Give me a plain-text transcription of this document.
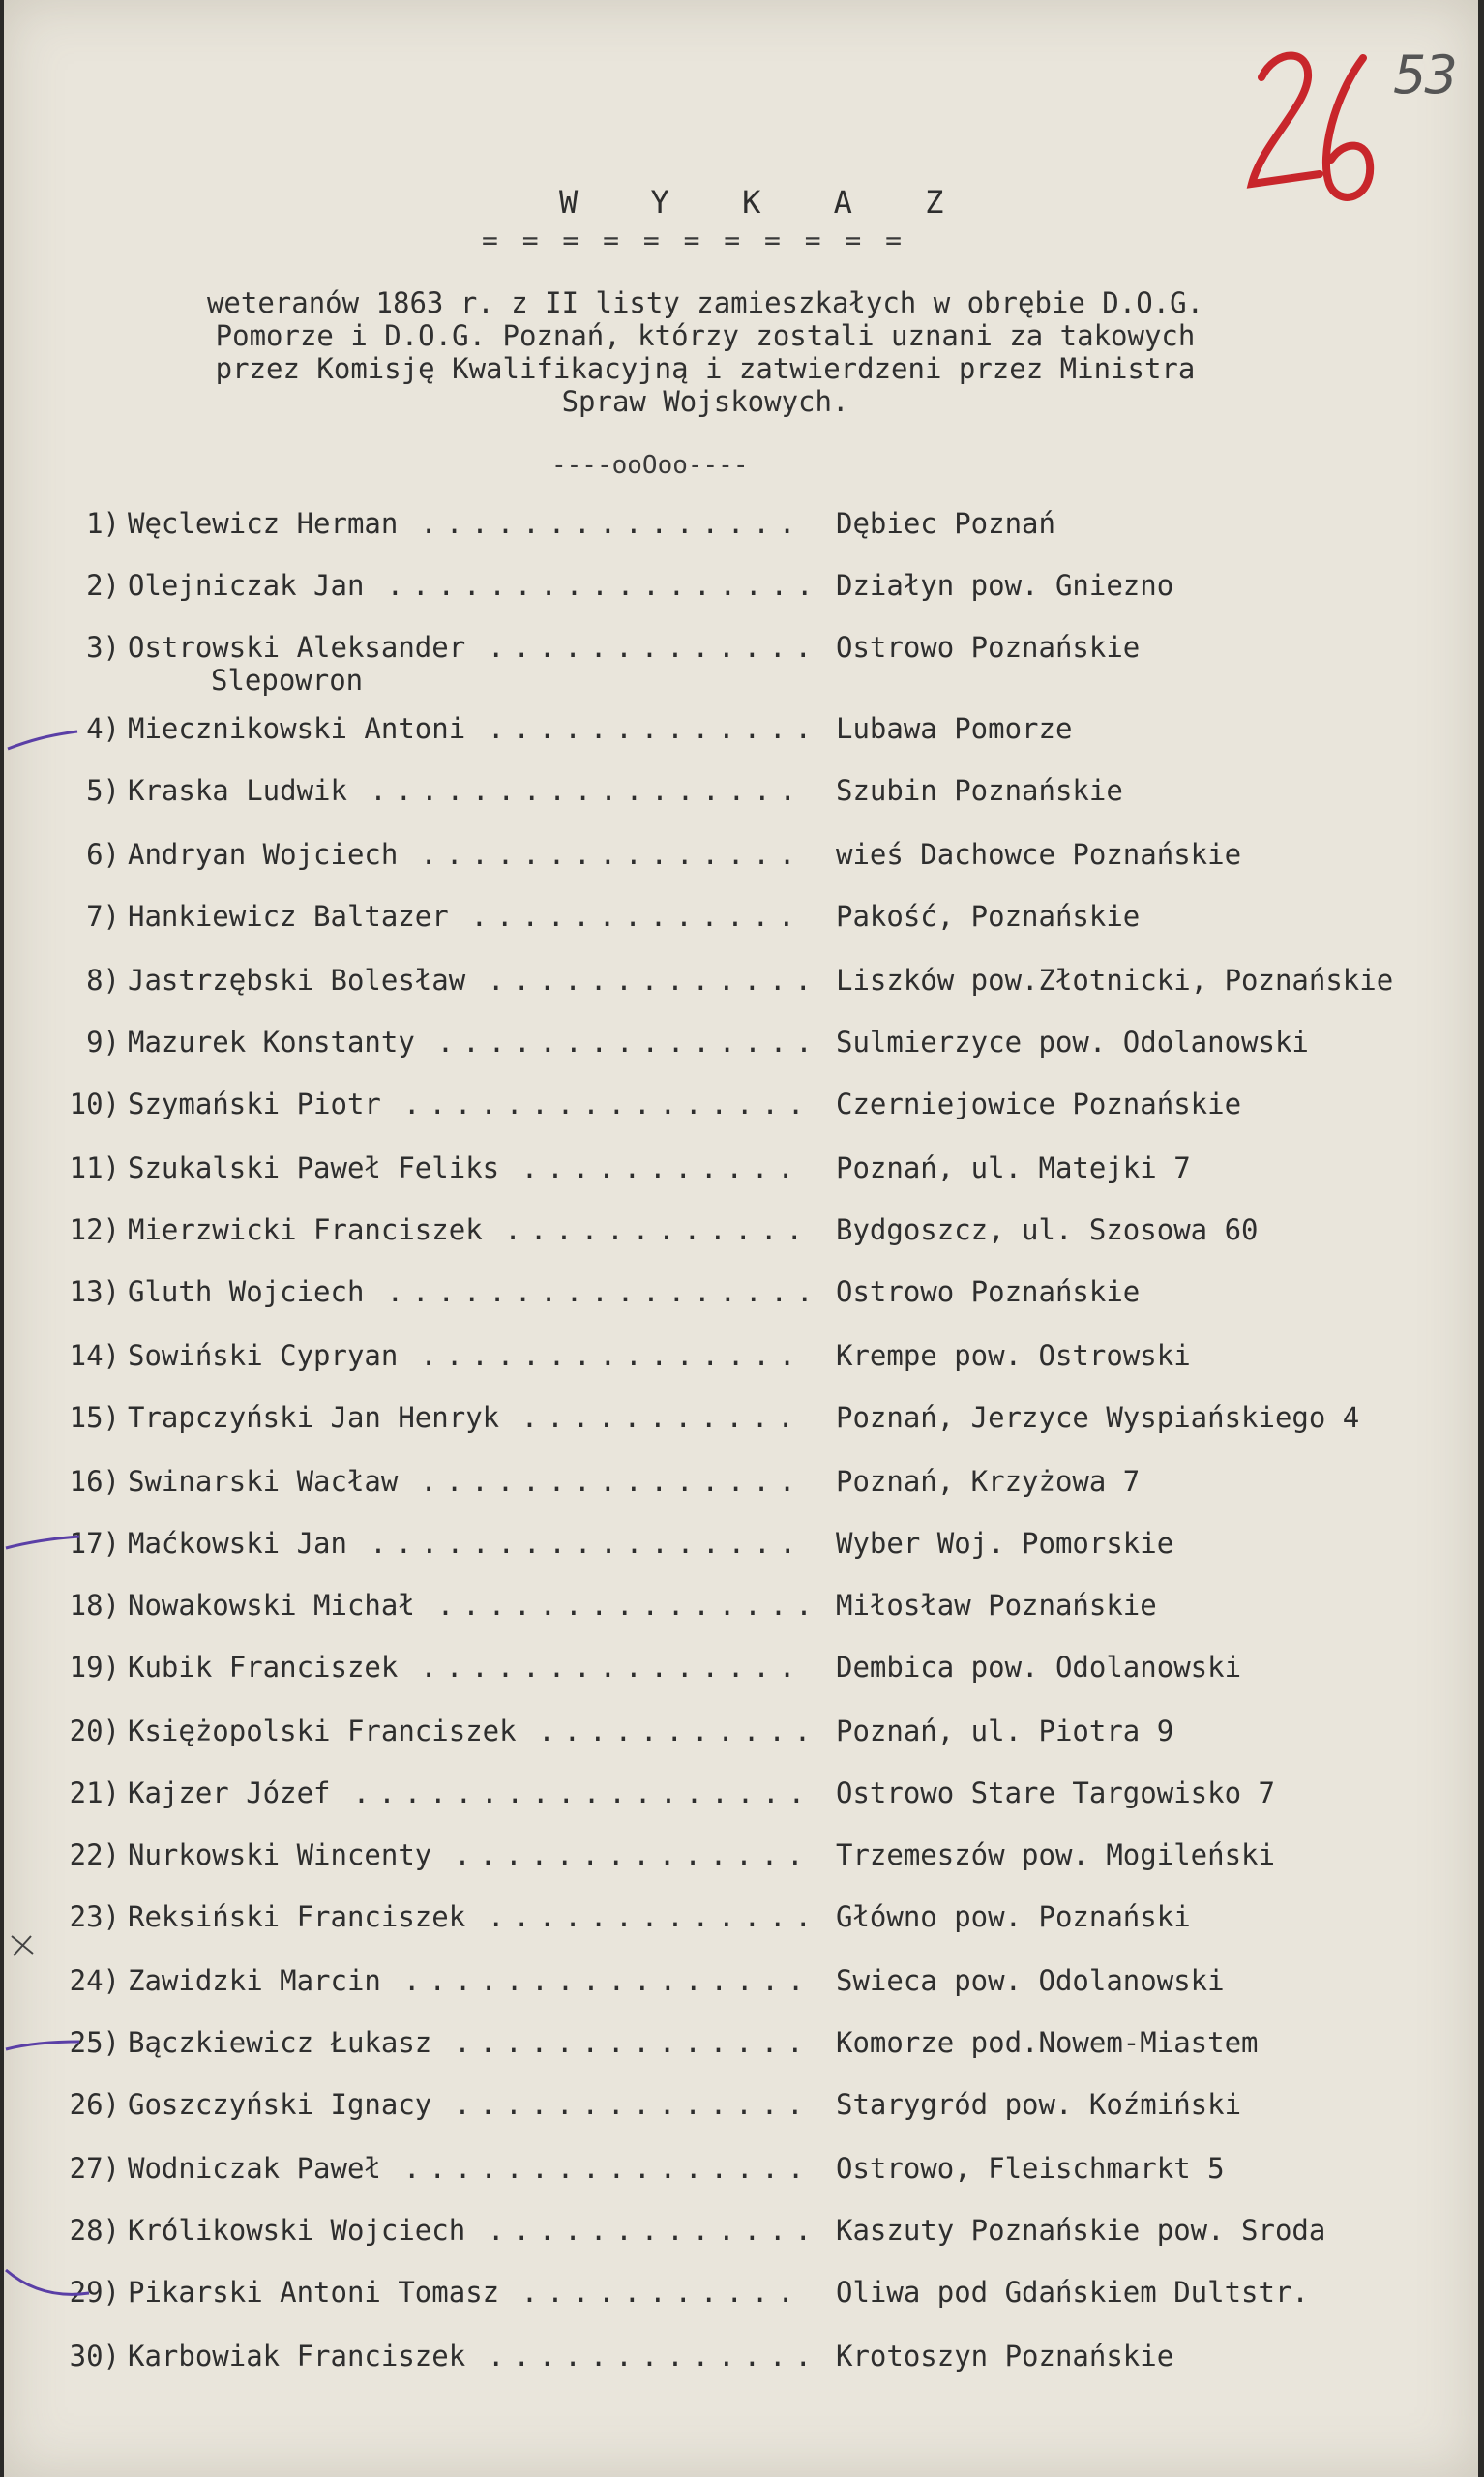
53
W Y K A Z
= = = = = = = = = = =
weteranów 1863 r. z II listy zamieszkałych w obrębie D.O.G.
Pomorze i D.O.G. Poznań, którzy zostali uznani za takowych
przez Komisję Kwalifikacyjną i zatwierdzeni przez Ministra
Spraw Wojskowych.
----ooOoo----
1) Węclewicz Herman ............... Dębiec Poznań
2) Olejniczak Jan ................. Działyn pow. Gniezno
3) Ostrowski Aleksander
Slepowron
............. Ostrowo Poznańskie
4) Miecznikowski Antoni ............. Lubawa Pomorze
5) Kraska Ludwik ................. Szubin Poznańskie
6) Andryan Wojciech ............... wieś Dachowce Poznańskie
7) Hankiewicz Baltazer ............. Pakość, Poznańskie
8) Jastrzębski Bolesław ............. Liszków pow.Złotnicki, Poznańskie
9) Mazurek Konstanty ............... Sulmierzyce pow. Odolanowski
10) Szymański Piotr ................ Czerniejowice Poznańskie
11) Szukalski Paweł Feliks ........... Poznań, ul. Matejki 7
12) Mierzwicki Franciszek ............ Bydgoszcz, ul. Szosowa 60
13) Gluth Wojciech ................. Ostrowo Poznańskie
14) Sowiński Cypryan ............... Krempe pow. Ostrowski
15) Trapczyński Jan Henryk ........... Poznań, Jerzyce Wyspiańskiego 4
16) Swinarski Wacław ............... Poznań, Krzyżowa 7
17) Maćkowski Jan ................. Wyber Woj. Pomorskie
18) Nowakowski Michał ............... Miłosław Poznańskie
19) Kubik Franciszek ............... Dembica pow. Odolanowski
20) Księżopolski Franciszek ........... Poznań, ul. Piotra 9
21) Kajzer Józef .................. Ostrowo Stare Targowisko 7
22) Nurkowski Wincenty .............. Trzemeszów pow. Mogileński
23) Reksiński Franciszek ............. Główno pow. Poznański
24) Zawidzki Marcin ................ Swieca pow. Odolanowski
25) Bączkiewicz Łukasz .............. Komorze pod.Nowem-Miastem
26) Goszczyński Ignacy .............. Starygród pow. Koźmiński
27) Wodniczak Paweł ................ Ostrowo, Fleischmarkt 5
28) Królikowski Wojciech ............. Kaszuty Poznańskie pow. Sroda
29) Pikarski Antoni Tomasz ........... Oliwa pod Gdańskiem Dultstr.
30) Karbowiak Franciszek ............. Krotoszyn Poznańskie
